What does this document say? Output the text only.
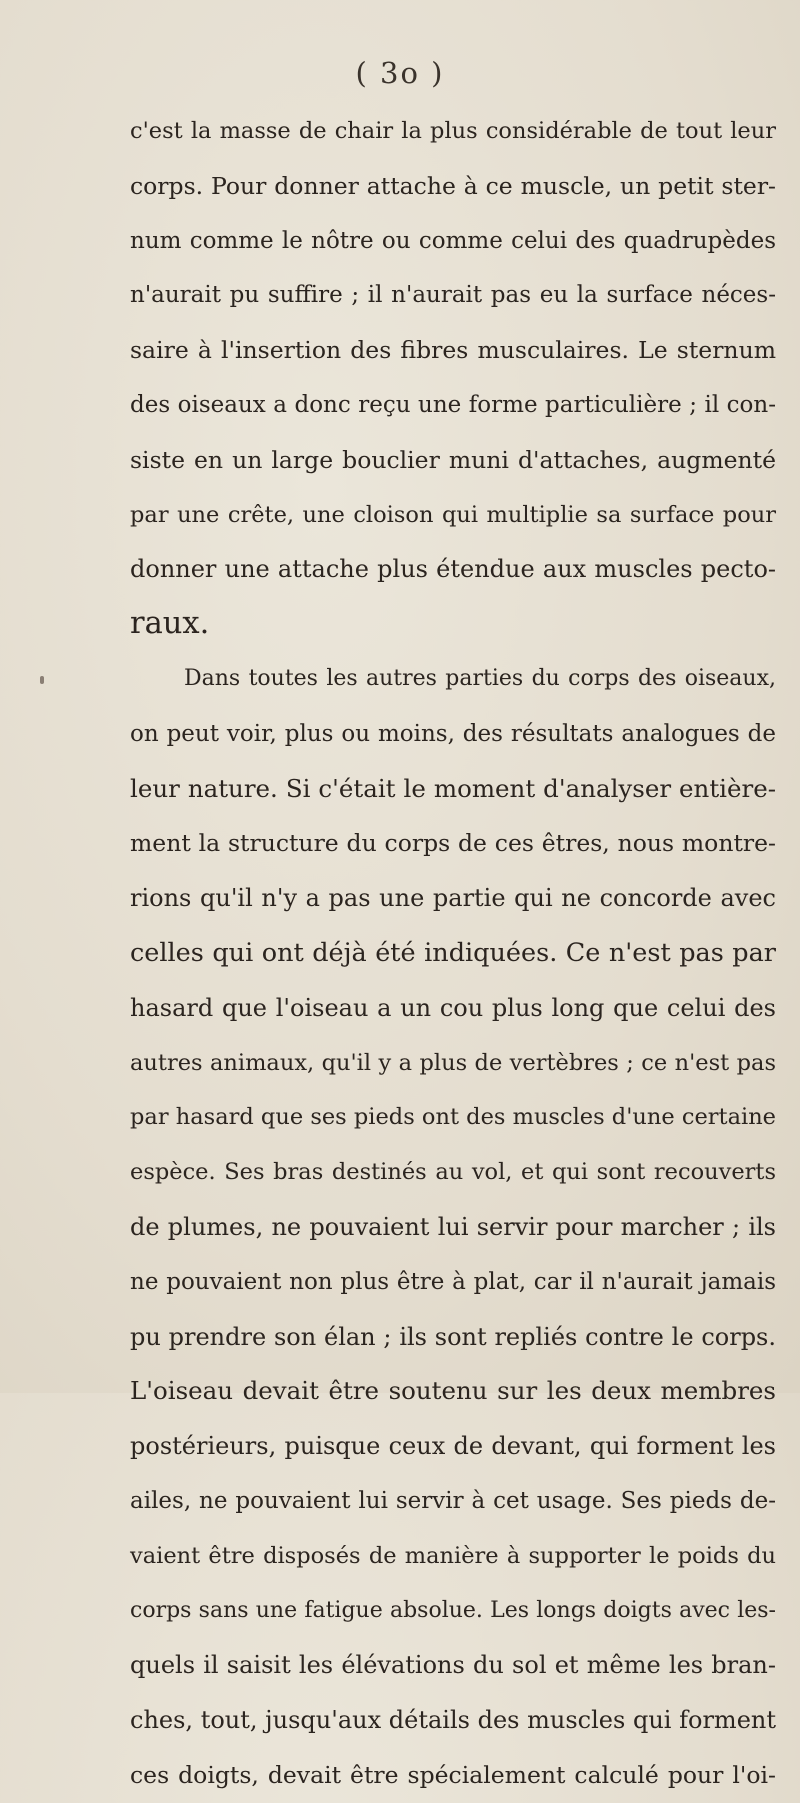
( 3o )
c'est la masse de chair la plus considérable de tout leur
corps. Pour donner attache à ce muscle, un petit ster-
num comme le nôtre ou comme celui des quadrupèdes
n'aurait pu suffire ; il n'aurait pas eu la surface néces-
saire à l'insertion des fibres musculaires. Le sternum
des oiseaux a donc reçu une forme particulière ; il con-
siste en un large bouclier muni d'attaches, augmenté
par une crête, une cloison qui multiplie sa surface pour
donner une attache plus étendue aux muscles pecto-
raux.
Dans toutes les autres parties du corps des oiseaux,
on peut voir, plus ou moins, des résultats analogues de
leur nature. Si c'était le moment d'analyser entière-
ment la structure du corps de ces êtres, nous montre-
rions qu'il n'y a pas une partie qui ne concorde avec
celles qui ont déjà été indiquées. Ce n'est pas par
hasard que l'oiseau a un cou plus long que celui des
autres animaux, qu'il y a plus de vertèbres ; ce n'est pas
par hasard que ses pieds ont des muscles d'une certaine
espèce. Ses bras destinés au vol, et qui sont recouverts
de plumes, ne pouvaient lui servir pour marcher ; ils
ne pouvaient non plus être à plat, car il n'aurait jamais
pu prendre son élan ; ils sont repliés contre le corps.
L'oiseau devait être soutenu sur les deux membres
postérieurs, puisque ceux de devant, qui forment les
ailes, ne pouvaient lui servir à cet usage. Ses pieds de-
vaient être disposés de manière à supporter le poids du
corps sans une fatigue absolue. Les longs doigts avec les-
quels il saisit les élévations du sol et même les bran-
ches, tout, jusqu'aux détails des muscles qui forment
ces doigts, devait être spécialement calculé pour l'oi-
